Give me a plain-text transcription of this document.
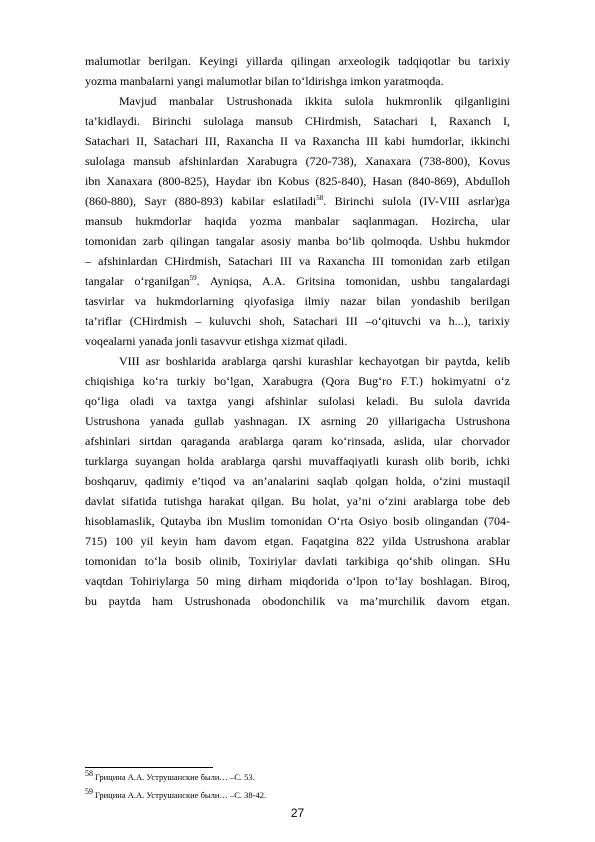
malumotlar berilgan. Keyingi yillarda qilingan arxeologik tadqiqotlar bu tarixiy
yozma manbalarni yangi malumotlar bilan to‘ldirishga imkon yaratmoqda.
Mavjud manbalar Ustrushonada ikkita sulola hukmronlik qilganligini
ta’kidlaydi. Birinchi sulolaga mansub CHirdmish, Satachari I, Raxanch I,
Satachari II, Satachari III, Raxancha II va Raxancha III kabi humdorlar, ikkinchi
sulolaga mansub afshinlardan Xarabugra (720-738), Xanaxara (738-800), Kovus
ibn Xanaxara (800-825), Haydar ibn Kobus (825-840), Hasan (840-869), Abdulloh
(860-880), Sayr (880-893) kabilar eslatiladi$^{58}$. Birinchi sulola (IV-VIII asrlar)ga
mansub hukmdorlar haqida yozma manbalar saqlanmagan. Hozircha, ular
tomonidan zarb qilingan tangalar asosiy manba bo‘lib qolmoqda. Ushbu hukmdor
– afshinlardan CHirdmish, Satachari III va Raxancha III tomonidan zarb etilgan
tangalar o‘rganilgan$^{59}$. Ayniqsa, A.A. Gritsina tomonidan, ushbu tangalardagi
tasvirlar va hukmdorlarning qiyofasiga ilmiy nazar bilan yondashib berilgan
ta’riflar (CHirdmish – kuluvchi shoh, Satachari III –o‘qituvchi va h...), tarixiy
voqealarni yanada jonli tasavvur etishga xizmat qiladi.
VIII asr boshlarida arablarga qarshi kurashlar kechayotgan bir paytda, kelib
chiqishiga ko‘ra turkiy bo‘lgan, Xarabugra (Qora Bug‘ro F.T.) hokimyatni o‘z
qo‘liga oladi va taxtga yangi afshinlar sulolasi keladi. Bu sulola davrida
Ustrushona yanada gullab yashnagan. IX asrning 20 yillarigacha Ustrushona
afshinlari sirtdan qaraganda arablarga qaram ko‘rinsada, aslida, ular chorvador
turklarga suyangan holda arablarga qarshi muvaffaqiyatli kurash olib borib, ichki
boshqaruv, qadimiy e’tiqod va an’analarini saqlab qolgan holda, o‘zini mustaqil
davlat sifatida tutishga harakat qilgan. Bu holat, ya’ni o‘zini arablarga tobe deb
hisoblamaslik, Qutayba ibn Muslim tomonidan O‘rta Osiyo bosib olingandan (704-
715) 100 yil keyin ham davom etgan. Faqatgina 822 yilda Ustrushona arablar
tomonidan to‘la bosib olinib, Toxiriylar davlati tarkibiga qo‘shib olingan. SHu
vaqtdan Tohiriylarga 50 ming dirham miqdorida o‘lpon to‘lay boshlagan. Biroq,
bu paytda ham Ustrushonada obodonchilik va ma’murchilik davom etgan.
58 Грицина А.А. Уструшанские были… –С. 53.
59 Грицина А.А. Уструшанские были… –С. 38-42.
27
